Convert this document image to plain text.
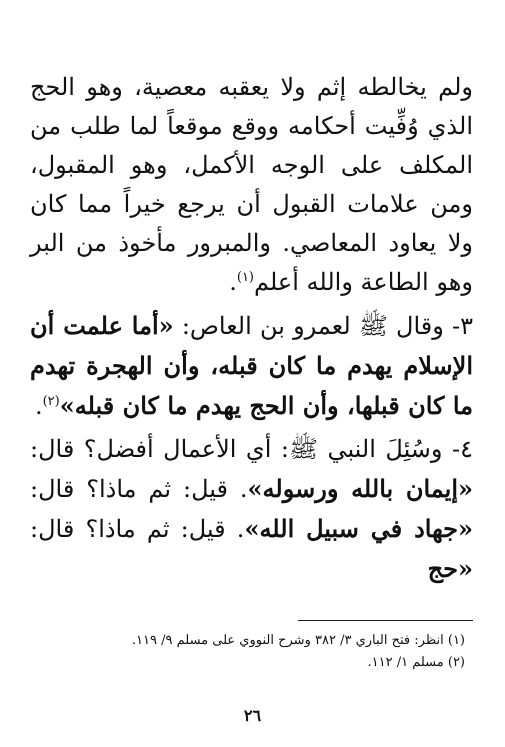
ولم يخالطه إثم ولا يعقبه معصية، وهو الحج الذي وُفِّيت أحكامه ووقع موقعاً لما طلب من المكلف على الوجه الأكمل، وهو المقبول، ومن علامات القبول أن يرجع خيراً مما كان ولا يعاود المعاصي. والمبرور مأخوذ من البر وهو الطاعة والله أعلم$^{(١)}$.

٣- وقال ﷺ لعمرو بن العاص: «أما علمت أن الإسلام يهدم ما كان قبله، وأن الهجرة تهدم ما كان قبلها، وأن الحج يهدم ما كان قبله»$^{(٢)}$.

٤- وسُئِلَ النبي ﷺ: أي الأعمال أفضل؟ قال: «إيمان بالله ورسوله». قيل: ثم ماذا؟ قال: «جهاد في سبيل الله». قيل: ثم ماذا؟ قال: «حج

(١) انظر: فتح الباري ٣/ ٣٨٢ وشرح النووي على مسلم ٩/ ١١٩.

(٢) مسلم ١/ ١١٢.

٢٦
